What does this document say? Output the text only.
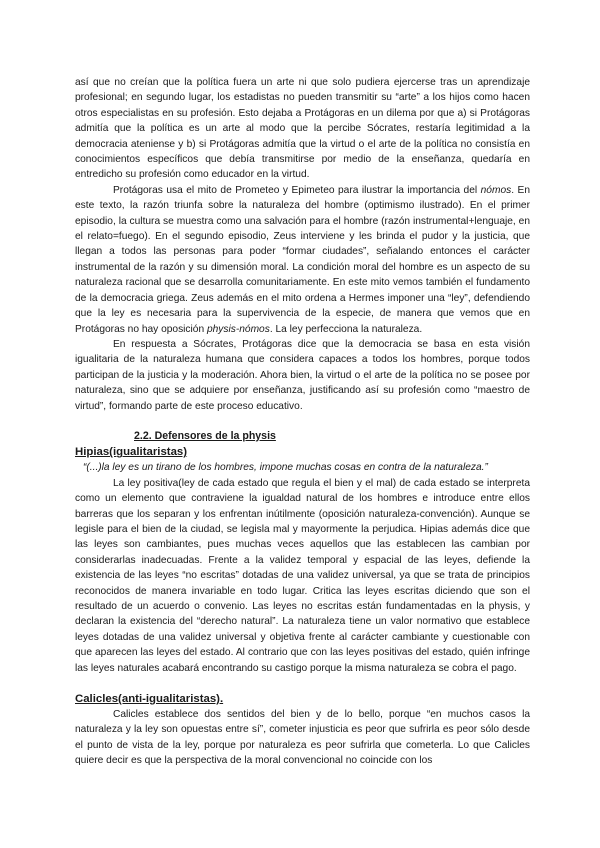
así que no creían que la política fuera un arte ni que solo pudiera ejercerse tras un aprendizaje profesional; en segundo lugar, los estadistas no pueden transmitir su “arte” a los hijos como hacen otros especialistas en su profesión. Esto dejaba a Protágoras en un dilema por que a) si Protágoras admitía que la política es un arte al modo que la percibe Sócrates, restaría legitimidad a la democracia ateniense y b) si Protágoras admitía que la virtud o el arte de la política no consistía en conocimientos específicos que debía transmitirse por medio de la enseñanza, quedaría en entredicho su profesión como educador en la virtud.

Protágoras usa el mito de Prometeo y Epimeteo para ilustrar la importancia del nómos. En este texto, la razón triunfa sobre la naturaleza del hombre (optimismo ilustrado). En el primer episodio, la cultura se muestra como una salvación para el hombre (razón instrumental+lenguaje, en el relato=fuego). En el segundo episodio, Zeus interviene y les brinda el pudor y la justicia, que llegan a todos las personas para poder “formar ciudades”, señalando entonces el carácter instrumental de la razón y su dimensión moral. La condición moral del hombre es un aspecto de su naturaleza racional que se desarrolla comunitariamente. En este mito vemos también el fundamento de la democracia griega. Zeus además en el mito ordena a Hermes imponer una “ley”, defendiendo que la ley es necesaria para la supervivencia de la especie, de manera que vemos que en Protágoras no hay oposición physis-nómos. La ley perfecciona la naturaleza.

En respuesta a Sócrates, Protágoras dice que la democracia se basa en esta visión igualitaria de la naturaleza humana que considera capaces a todos los hombres, porque todos participan de la justicia y la moderación. Ahora bien, la virtud o el arte de la política no se posee por naturaleza, sino que se adquiere por enseñanza, justificando así su profesión como “maestro de virtud”, formando parte de este proceso educativo.

2.2. Defensores de la physis
Hipias(igualitaristas)
“(...)la ley es un tirano de los hombres, impone muchas cosas en contra de la naturaleza.”

La ley positiva(ley de cada estado que regula el bien y el mal) de cada estado se interpreta como un elemento que contraviene la igualdad natural de los hombres e introduce entre ellos barreras que los separan y los enfrentan inútilmente (oposición naturaleza-convención). Aunque se legisle para el bien de la ciudad, se legisla mal y mayormente la perjudica. Hipias además dice que las leyes son cambiantes, pues muchas veces aquellos que las establecen las cambian por considerarlas inadecuadas. Frente a la validez temporal y espacial de las leyes, defiende la existencia de las leyes “no escritas” dotadas de una validez universal, ya que se trata de principios reconocidos de manera invariable en todo lugar. Critica las leyes escritas diciendo que son el resultado de un acuerdo o convenio. Las leyes no escritas están fundamentadas en la physis, y declaran la existencia del “derecho natural”. La naturaleza tiene un valor normativo que establece leyes dotadas de una validez universal y objetiva frente al carácter cambiante y cuestionable con que aparecen las leyes del estado. Al contrario que con las leyes positivas del estado, quién infringe las leyes naturales acabará encontrando su castigo porque la misma naturaleza se cobra el pago.

Calicles(anti-igualitaristas).

Calicles establece dos sentidos del bien y de lo bello, porque “en muchos casos la naturaleza y la ley son opuestas entre sí”, cometer injusticia es peor que sufrirla es peor sólo desde el punto de vista de la ley, porque por naturaleza es peor sufrirla que cometerla. Lo que Calicles quiere decir es que la perspectiva de la moral convencional no coincide con los
